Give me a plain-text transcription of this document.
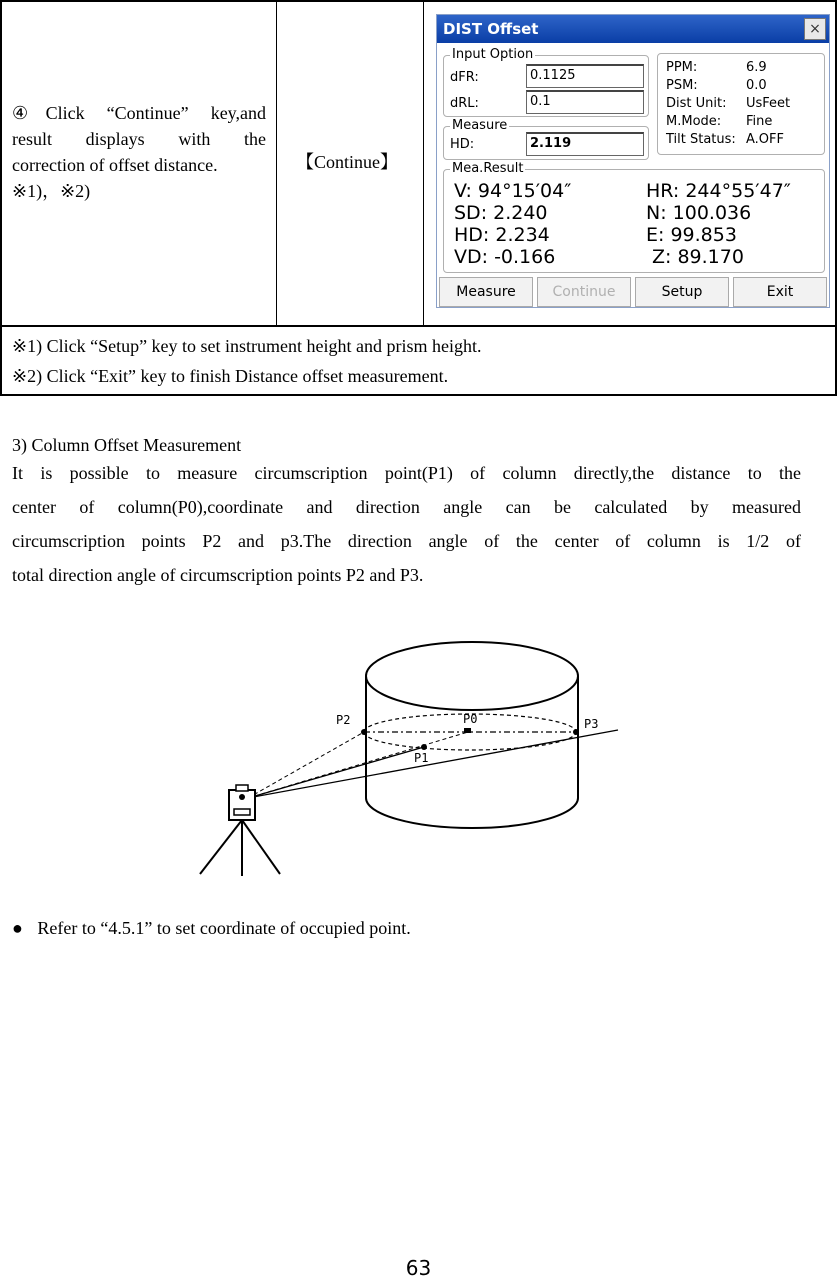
④Click “Continue” key,and
result displays with the
correction of offset distance.
※1)，※2)
【Continue】
DIST Offset	×
Input Option
dFR:	0.1125
dRL:	0.1
PPM:	6.9
PSM:	0.0
Dist Unit: UsFeet
M.Mode: Fine
Tilt Status: A.OFF
Measure
HD:	2.119
Mea.Result
V: 94°15′04″	HR: 244°55′47″
SD: 2.240	N: 100.036
HD: 2.234	E: 99.853
VD: -0.166	Z: 89.170
Measure	Continue	Setup	Exit
※1) Click “Setup” key to set instrument height and prism height.
※2) Click “Exit” key to finish Distance offset measurement.
3) Column Offset Measurement
It is possible to measure circumscription point(P1) of column directly,the distance to the
center of column(P0),coordinate and direction angle can be calculated by measured
circumscription points P2 and p3.The direction angle of the center of column is 1/2 of
total direction angle of circumscription points P2 and P3.
P2	P0
P1
P3
● Refer to “4.5.1” to set coordinate of occupied point.
63
